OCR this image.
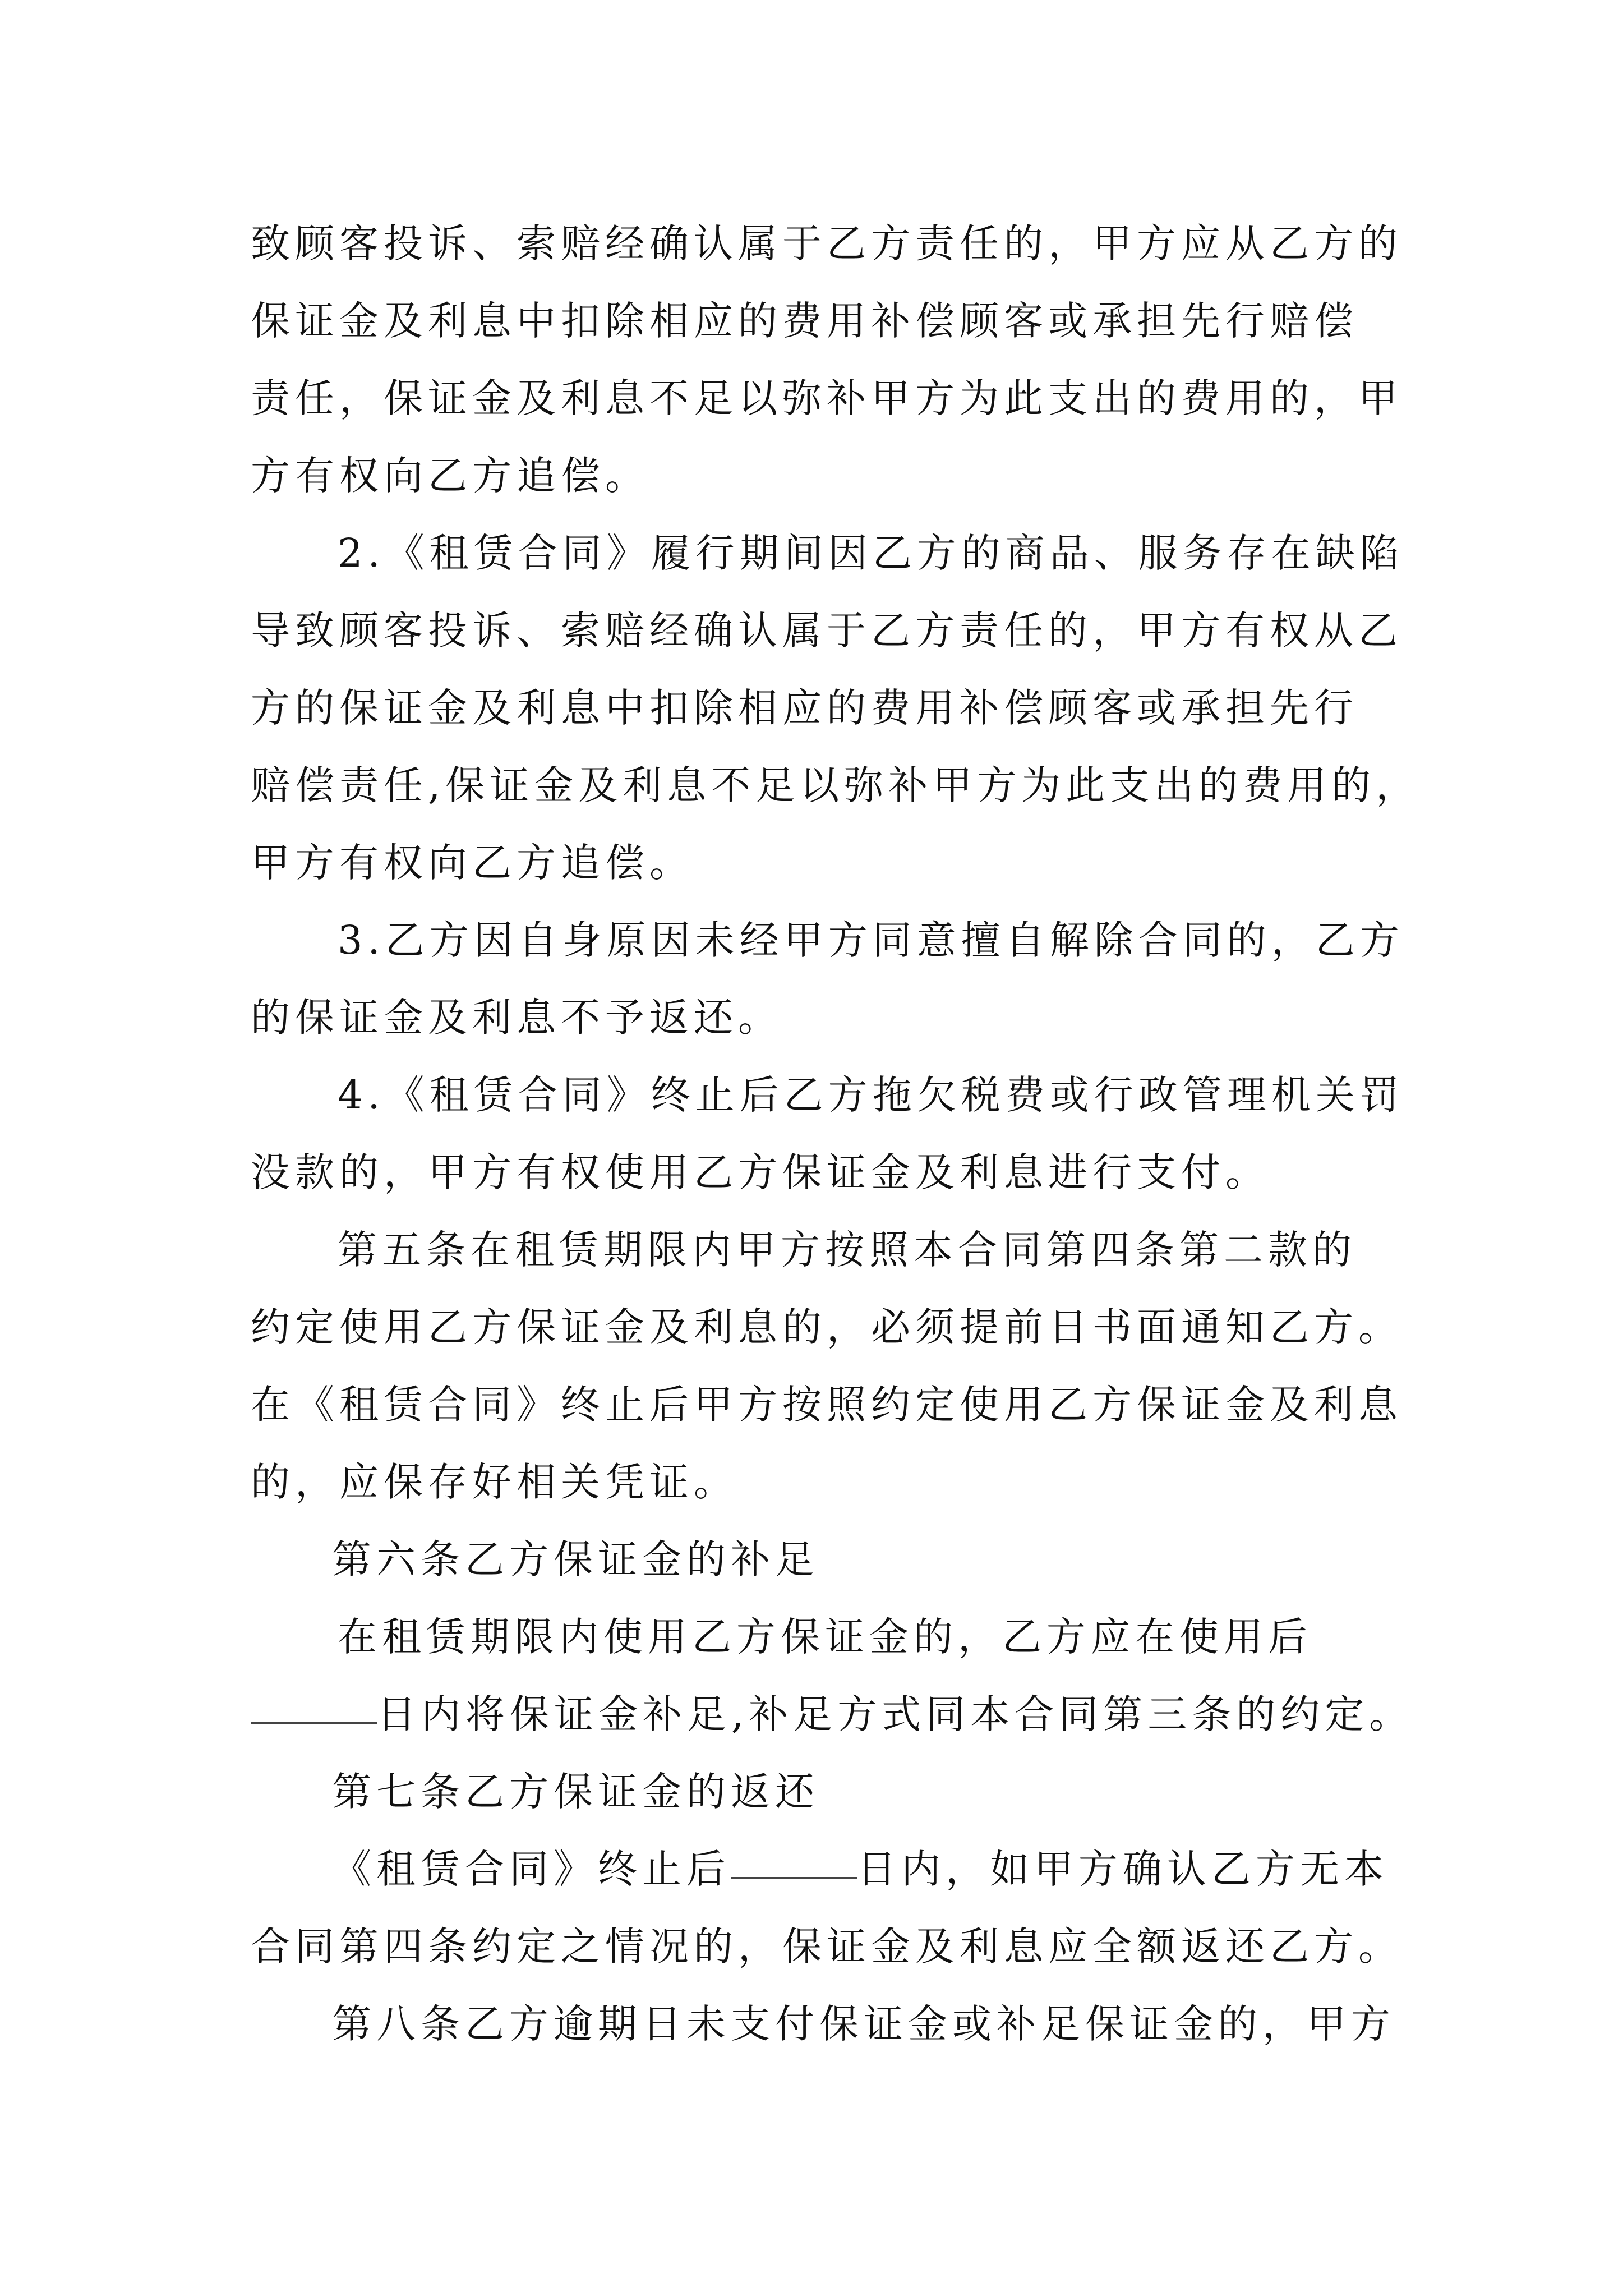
致顾客投诉、索赔经确认属于乙方责任的，甲方应从乙方的
保证金及利息中扣除相应的费用补偿顾客或承担先行赔偿
责任，保证金及利息不足以弥补甲方为此支出的费用的，甲
方有权向乙方追偿。
2.《租赁合同》履行期间因乙方的商品、服务存在缺陷
导致顾客投诉、索赔经确认属于乙方责任的，甲方有权从乙
方的保证金及利息中扣除相应的费用补偿顾客或承担先行
赔偿责任,保证金及利息不足以弥补甲方为此支出的费用的，
甲方有权向乙方追偿。
3.乙方因自身原因未经甲方同意擅自解除合同的，乙方
的保证金及利息不予返还。
4.《租赁合同》终止后乙方拖欠税费或行政管理机关罚
没款的，甲方有权使用乙方保证金及利息进行支付。
第五条在租赁期限内甲方按照本合同第四条第二款的
约定使用乙方保证金及利息的，必须提前日书面通知乙方。
在《租赁合同》终止后甲方按照约定使用乙方保证金及利息
的，应保存好相关凭证。
第六条乙方保证金的补足
在租赁期限内使用乙方保证金的，乙方应在使用后
日内将保证金补足,补足方式同本合同第三条的约定。
第七条乙方保证金的返还
《租赁合同》终止后	日内，如甲方确认乙方无本
合同第四条约定之情况的，保证金及利息应全额返还乙方。
第八条乙方逾期日未支付保证金或补足保证金的，甲方
